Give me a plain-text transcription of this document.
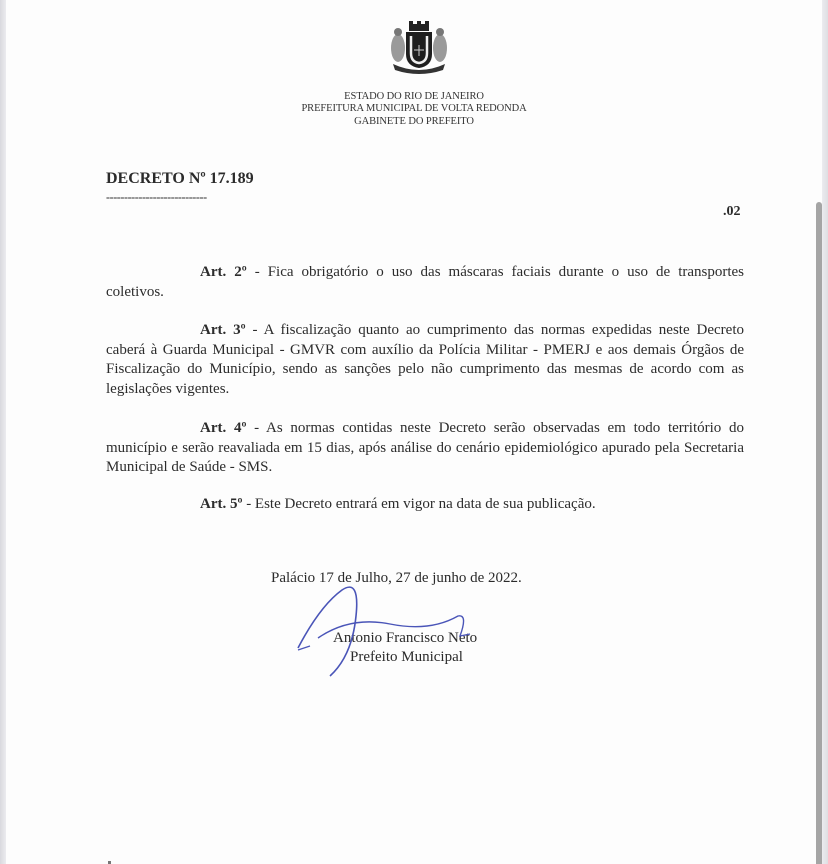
ESTADO DO RIO DE JANEIRO
PREFEITURA MUNICIPAL DE VOLTA REDONDA
GABINETE DO PREFEITO
DECRETO Nº 17.189
----------------------------
.02
Art. 2º - Fica obrigatório o uso das máscaras faciais durante o uso de transportes coletivos.
Art. 3º - A fiscalização quanto ao cumprimento das normas expedidas neste Decreto caberá à Guarda Municipal - GMVR com auxílio da Polícia Militar - PMERJ e aos demais Órgãos de Fiscalização do Município, sendo as sanções pelo não cumprimento das mesmas de acordo com as legislações vigentes.
Art. 4º - As normas contidas neste Decreto serão observadas em todo território do município e serão reavaliada em 15 dias, após análise do cenário epidemiológico apurado pela Secretaria Municipal de Saúde - SMS.
Art. 5º - Este Decreto entrará em vigor na data de sua publicação.
Palácio 17 de Julho, 27 de junho de 2022.
Antonio Francisco Neto
Prefeito Municipal
